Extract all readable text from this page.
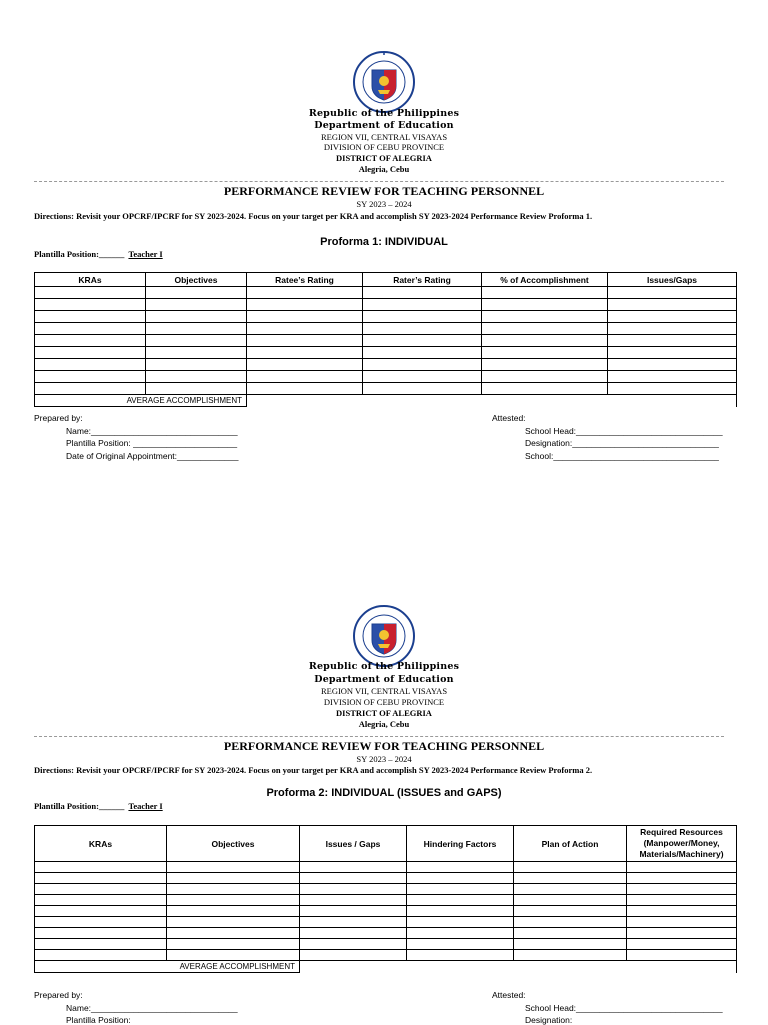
Republic of the Philippines
Department of Education
REGION VII, CENTRAL VISAYAS
DIVISION OF CEBU PROVINCE
DISTRICT OF ALEGRIA
Alegria, Cebu
PERFORMANCE REVIEW FOR TEACHING PERSONNEL
SY 2023 – 2024
Directions: Revisit your OPCRF/IPCRF for SY 2023-2024. Focus on your target per KRA and accomplish SY 2023-2024 Performance Review Proforma 1.
Proforma 1: INDIVIDUAL
Plantilla Position:______ Teacher I
KRAs	Objectives	Ratee’s Rating	Rater’s Rating	% of Accomplishment	Issues/Gaps

AVERAGE ACCOMPLISHMENT					
Prepared by:
Name:_______________________________
Plantilla Position: ______________________
Date of Original Appointment:_____________
Attested:
School Head:_______________________________
Designation:_______________________________
School:___________________________________
Republic of the Philippines
Department of Education
REGION VII, CENTRAL VISAYAS
DIVISION OF CEBU PROVINCE
DISTRICT OF ALEGRIA
Alegria, Cebu
PERFORMANCE REVIEW FOR TEACHING PERSONNEL
SY 2023 – 2024
Directions: Revisit your OPCRF/IPCRF for SY 2023-2024. Focus on your target per KRA and accomplish SY 2023-2024 Performance Review Proforma 2.
Proforma 2: INDIVIDUAL (ISSUES and GAPS)
Plantilla Position:______ Teacher I
KRAs	Objectives	Issues / Gaps	Hindering Factors	Plan of Action	Required Resources (Manpower/Money, Materials/Machinery)

AVERAGE ACCOMPLISHMENT					
Prepared by:
Name:_______________________________
Plantilla Position:
Attested:
School Head:_______________________________
Designation:
